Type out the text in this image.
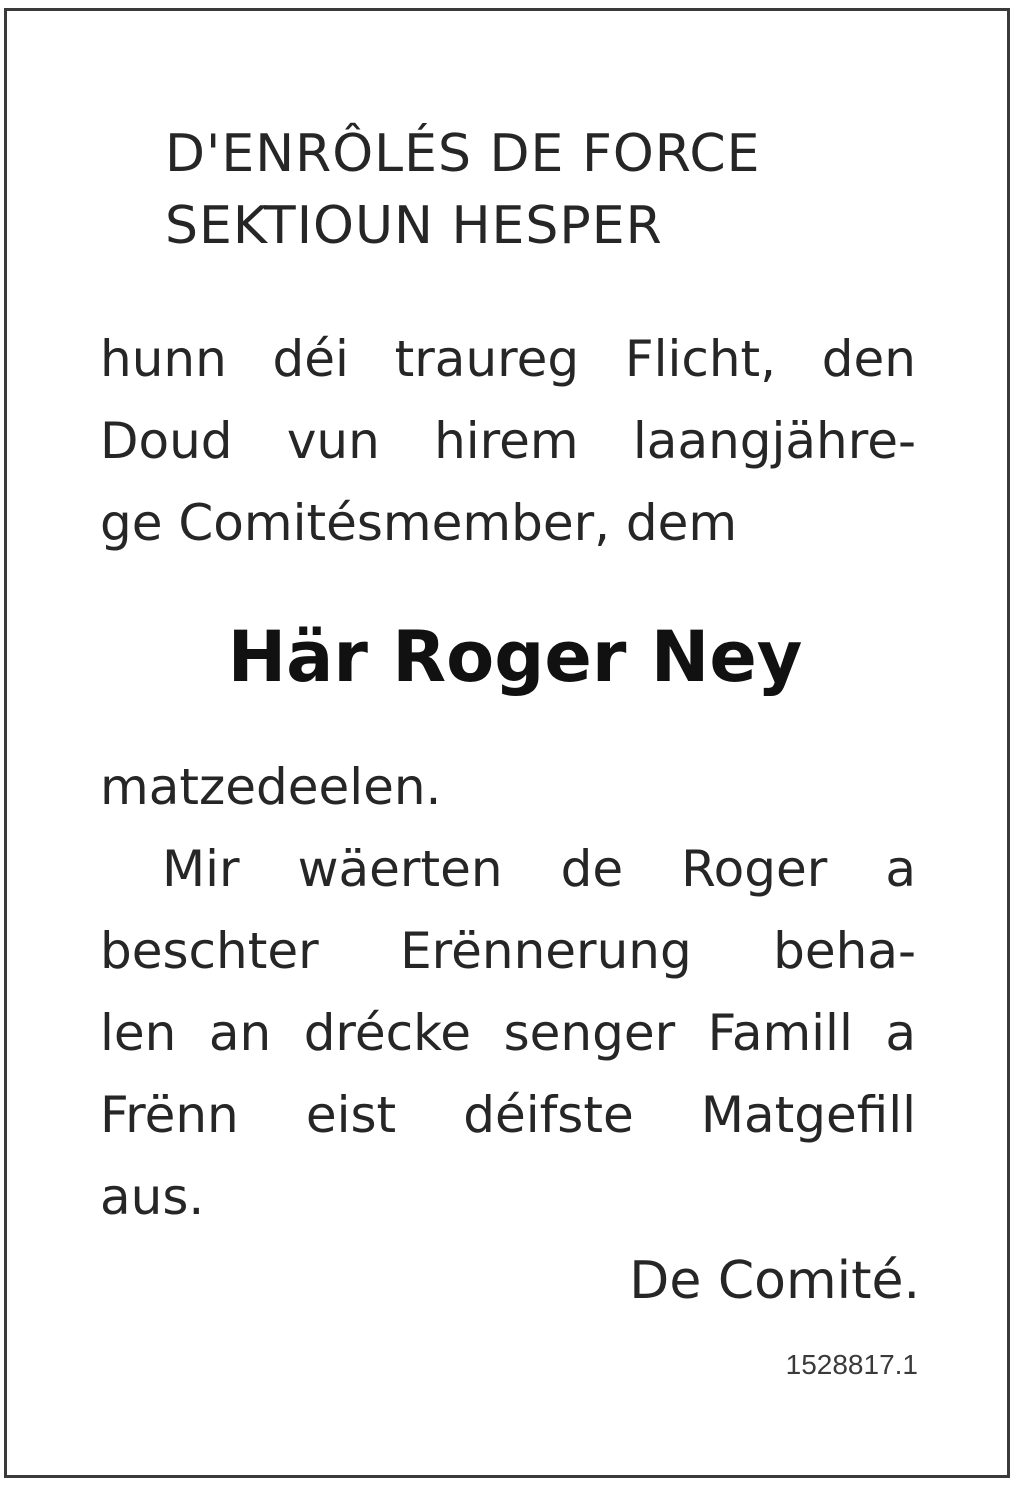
D'ENRÔLÉS DE FORCE
SEKTIOUN HESPER
hunn déi traureg Flicht, den
Doud vun hirem laangjähre-
ge Comitésmember, dem
Här Roger Ney
matzedeelen.
Mir wäerten de Roger a
beschter Erënnerung beha-
len an drécke senger Famill a
Frënn eist déifste Matgefill
aus.
De Comité.
1528817.1
